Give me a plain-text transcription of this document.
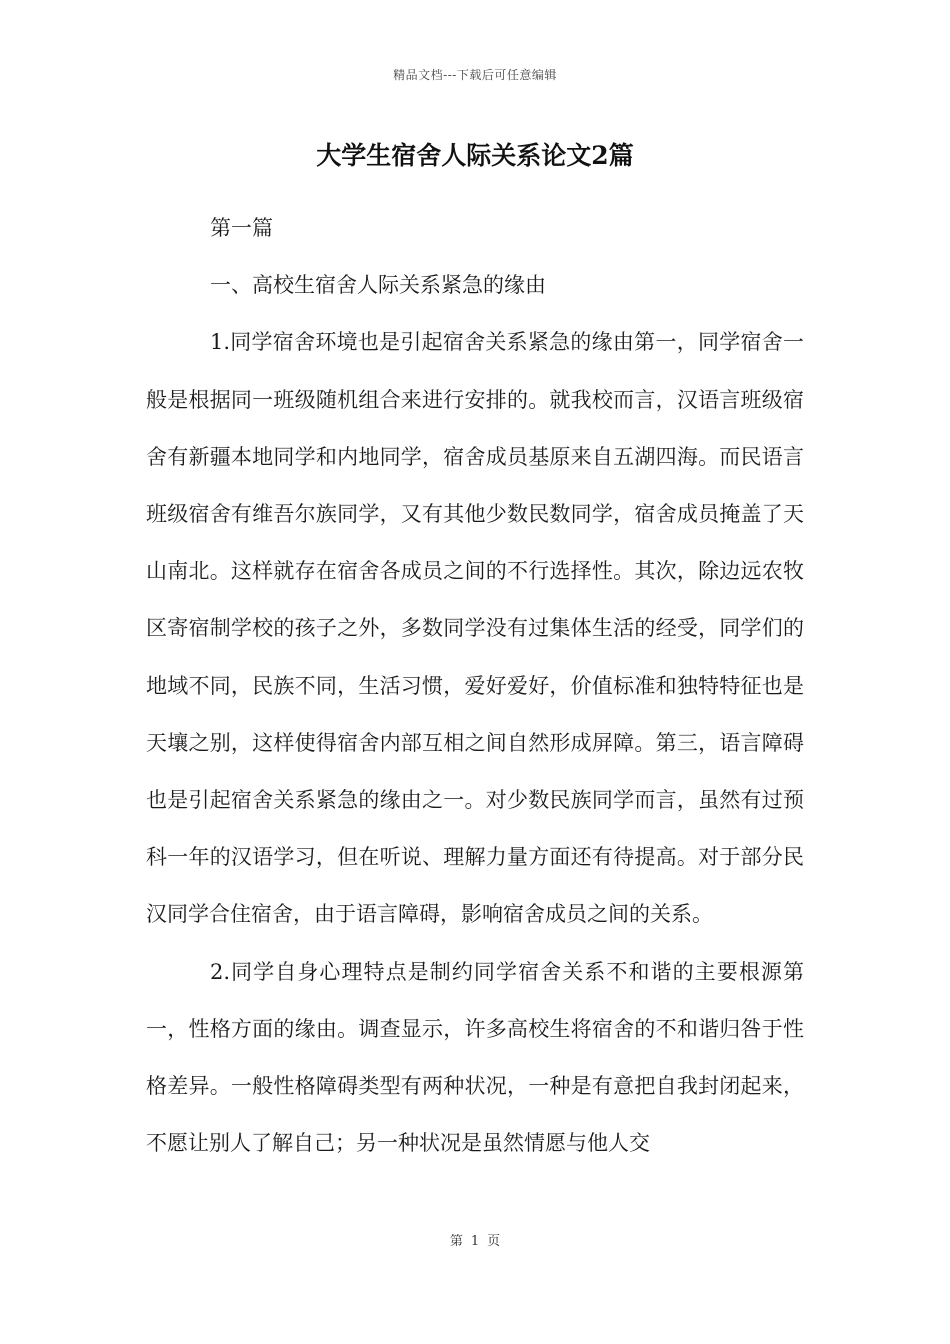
精品文档---下载后可任意编辑
大学生宿舍人际关系论文2篇

第一篇

一、高校生宿舍人际关系紧急的缘由

1.同学宿舍环境也是引起宿舍关系紧急的缘由第一，同学宿舍一般是根据同一班级随机组合来进行安排的。就我校而言，汉语言班级宿舍有新疆本地同学和内地同学，宿舍成员基原来自五湖四海。而民语言班级宿舍有维吾尔族同学，又有其他少数民数同学，宿舍成员掩盖了天山南北。这样就存在宿舍各成员之间的不行选择性。其次，除边远农牧区寄宿制学校的孩子之外，多数同学没有过集体生活的经受，同学们的地域不同，民族不同，生活习惯，爱好爱好，价值标准和独特特征也是天壤之别，这样使得宿舍内部互相之间自然形成屏障。第三，语言障碍也是引起宿舍关系紧急的缘由之一。对少数民族同学而言，虽然有过预科一年的汉语学习，但在听说、理解力量方面还有待提高。对于部分民汉同学合住宿舍，由于语言障碍，影响宿舍成员之间的关系。

2.同学自身心理特点是制约同学宿舍关系不和谐的主要根源第一，性格方面的缘由。调查显示，许多高校生将宿舍的不和谐归咎于性格差异。一般性格障碍类型有两种状况，一种是有意把自我封闭起来，不愿让别人了解自己；另一种状况是虽然情愿与他人交

第 1 页
